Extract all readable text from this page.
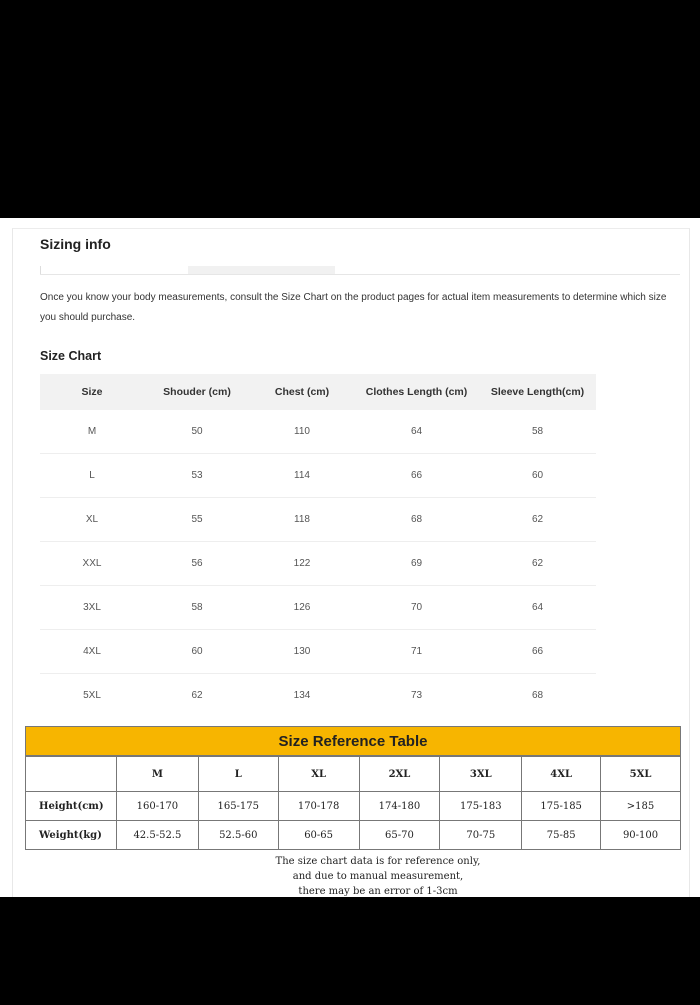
Sizing info
Once you know your body measurements, consult the Size Chart on the product pages for actual item measurements to determine which size you should purchase.
Size Chart
Size	Shouder (cm)	Chest (cm)	Clothes Length (cm)	Sleeve Length(cm)
M	50	110	64	58
L	53	114	66	60
XL	55	118	68	62
XXL	56	122	69	62
3XL	58	126	70	64
4XL	60	130	71	66
5XL	62	134	73	68
Size Reference Table
	M	L	XL	2XL	3XL	4XL	5XL
Height(cm)	160-170	165-175	170-178	174-180	175-183	175-185	>185
Weight(kg)	42.5-52.5	52.5-60	60-65	65-70	70-75	75-85	90-100
The size chart data is for reference only,
and due to manual measurement,
there may be an error of 1-3cm
